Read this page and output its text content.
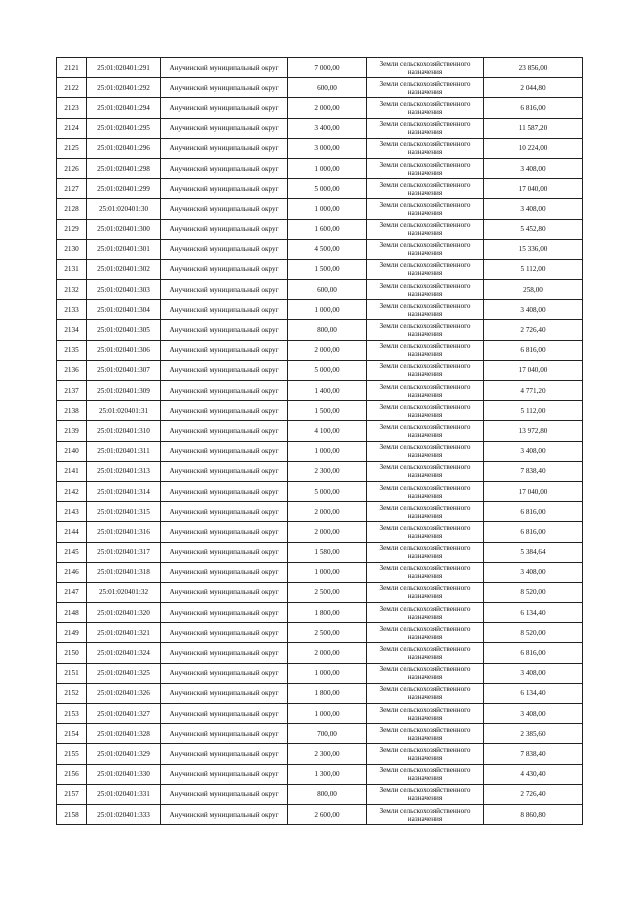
2121	25:01:020401:291	Анучинский муниципальный округ	7 000,00	Земли сельскохозяйственного назначения	23 856,00
2122	25:01:020401:292	Анучинский муниципальный округ	600,00	Земли сельскохозяйственного назначения	2 044,80
2123	25:01:020401:294	Анучинский муниципальный округ	2 000,00	Земли сельскохозяйственного назначения	6 816,00
2124	25:01:020401:295	Анучинский муниципальный округ	3 400,00	Земли сельскохозяйственного назначения	11 587,20
2125	25:01:020401:296	Анучинский муниципальный округ	3 000,00	Земли сельскохозяйственного назначения	10 224,00
2126	25:01:020401:298	Анучинский муниципальный округ	1 000,00	Земли сельскохозяйственного назначения	3 408,00
2127	25:01:020401:299	Анучинский муниципальный округ	5 000,00	Земли сельскохозяйственного назначения	17 040,00
2128	25:01:020401:30	Анучинский муниципальный округ	1 000,00	Земли сельскохозяйственного назначения	3 408,00
2129	25:01:020401:300	Анучинский муниципальный округ	1 600,00	Земли сельскохозяйственного назначения	5 452,80
2130	25:01:020401:301	Анучинский муниципальный округ	4 500,00	Земли сельскохозяйственного назначения	15 336,00
2131	25:01:020401:302	Анучинский муниципальный округ	1 500,00	Земли сельскохозяйственного назначения	5 112,00
2132	25:01:020401:303	Анучинский муниципальный округ	600,00	Земли сельскохозяйственного назначения	258,00
2133	25:01:020401:304	Анучинский муниципальный округ	1 000,00	Земли сельскохозяйственного назначения	3 408,00
2134	25:01:020401:305	Анучинский муниципальный округ	800,00	Земли сельскохозяйственного назначения	2 726,40
2135	25:01:020401:306	Анучинский муниципальный округ	2 000,00	Земли сельскохозяйственного назначения	6 816,00
2136	25:01:020401:307	Анучинский муниципальный округ	5 000,00	Земли сельскохозяйственного назначения	17 040,00
2137	25:01:020401:309	Анучинский муниципальный округ	1 400,00	Земли сельскохозяйственного назначения	4 771,20
2138	25:01:020401:31	Анучинский муниципальный округ	1 500,00	Земли сельскохозяйственного назначения	5 112,00
2139	25:01:020401:310	Анучинский муниципальный округ	4 100,00	Земли сельскохозяйственного назначения	13 972,80
2140	25:01:020401:311	Анучинский муниципальный округ	1 000,00	Земли сельскохозяйственного назначения	3 408,00
2141	25:01:020401:313	Анучинский муниципальный округ	2 300,00	Земли сельскохозяйственного назначения	7 838,40
2142	25:01:020401:314	Анучинский муниципальный округ	5 000,00	Земли сельскохозяйственного назначения	17 040,00
2143	25:01:020401:315	Анучинский муниципальный округ	2 000,00	Земли сельскохозяйственного назначения	6 816,00
2144	25:01:020401:316	Анучинский муниципальный округ	2 000,00	Земли сельскохозяйственного назначения	6 816,00
2145	25:01:020401:317	Анучинский муниципальный округ	1 580,00	Земли сельскохозяйственного назначения	5 384,64
2146	25:01:020401:318	Анучинский муниципальный округ	1 000,00	Земли сельскохозяйственного назначения	3 408,00
2147	25:01:020401:32	Анучинский муниципальный округ	2 500,00	Земли сельскохозяйственного назначения	8 520,00
2148	25:01:020401:320	Анучинский муниципальный округ	1 800,00	Земли сельскохозяйственного назначения	6 134,40
2149	25:01:020401:321	Анучинский муниципальный округ	2 500,00	Земли сельскохозяйственного назначения	8 520,00
2150	25:01:020401:324	Анучинский муниципальный округ	2 000,00	Земли сельскохозяйственного назначения	6 816,00
2151	25:01:020401:325	Анучинский муниципальный округ	1 000,00	Земли сельскохозяйственного назначения	3 408,00
2152	25:01:020401:326	Анучинский муниципальный округ	1 800,00	Земли сельскохозяйственного назначения	6 134,40
2153	25:01:020401:327	Анучинский муниципальный округ	1 000,00	Земли сельскохозяйственного назначения	3 408,00
2154	25:01:020401:328	Анучинский муниципальный округ	700,00	Земли сельскохозяйственного назначения	2 385,60
2155	25:01:020401:329	Анучинский муниципальный округ	2 300,00	Земли сельскохозяйственного назначения	7 838,40
2156	25:01:020401:330	Анучинский муниципальный округ	1 300,00	Земли сельскохозяйственного назначения	4 430,40
2157	25:01:020401:331	Анучинский муниципальный округ	800,00	Земли сельскохозяйственного назначения	2 726,40
2158	25:01:020401:333	Анучинский муниципальный округ	2 600,00	Земли сельскохозяйственного назначения	8 860,80
